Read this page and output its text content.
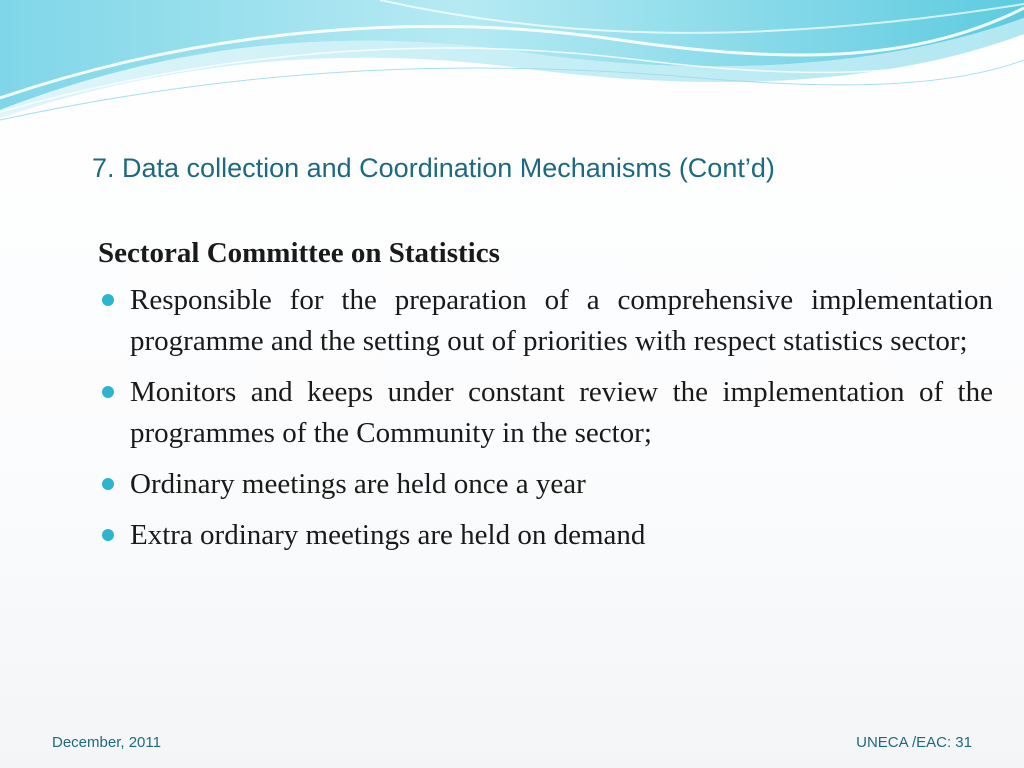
7. Data collection and Coordination Mechanisms (Cont’d)
Sectoral Committee on Statistics
Responsible for the preparation of a comprehensive implementation programme and the setting out of priorities with respect statistics sector;
Monitors and keeps under constant review the implementation of the programmes of the Community in the sector;
Ordinary meetings are held once a year
Extra ordinary meetings are held on demand
December, 2011	UNECA /EAC: 31
